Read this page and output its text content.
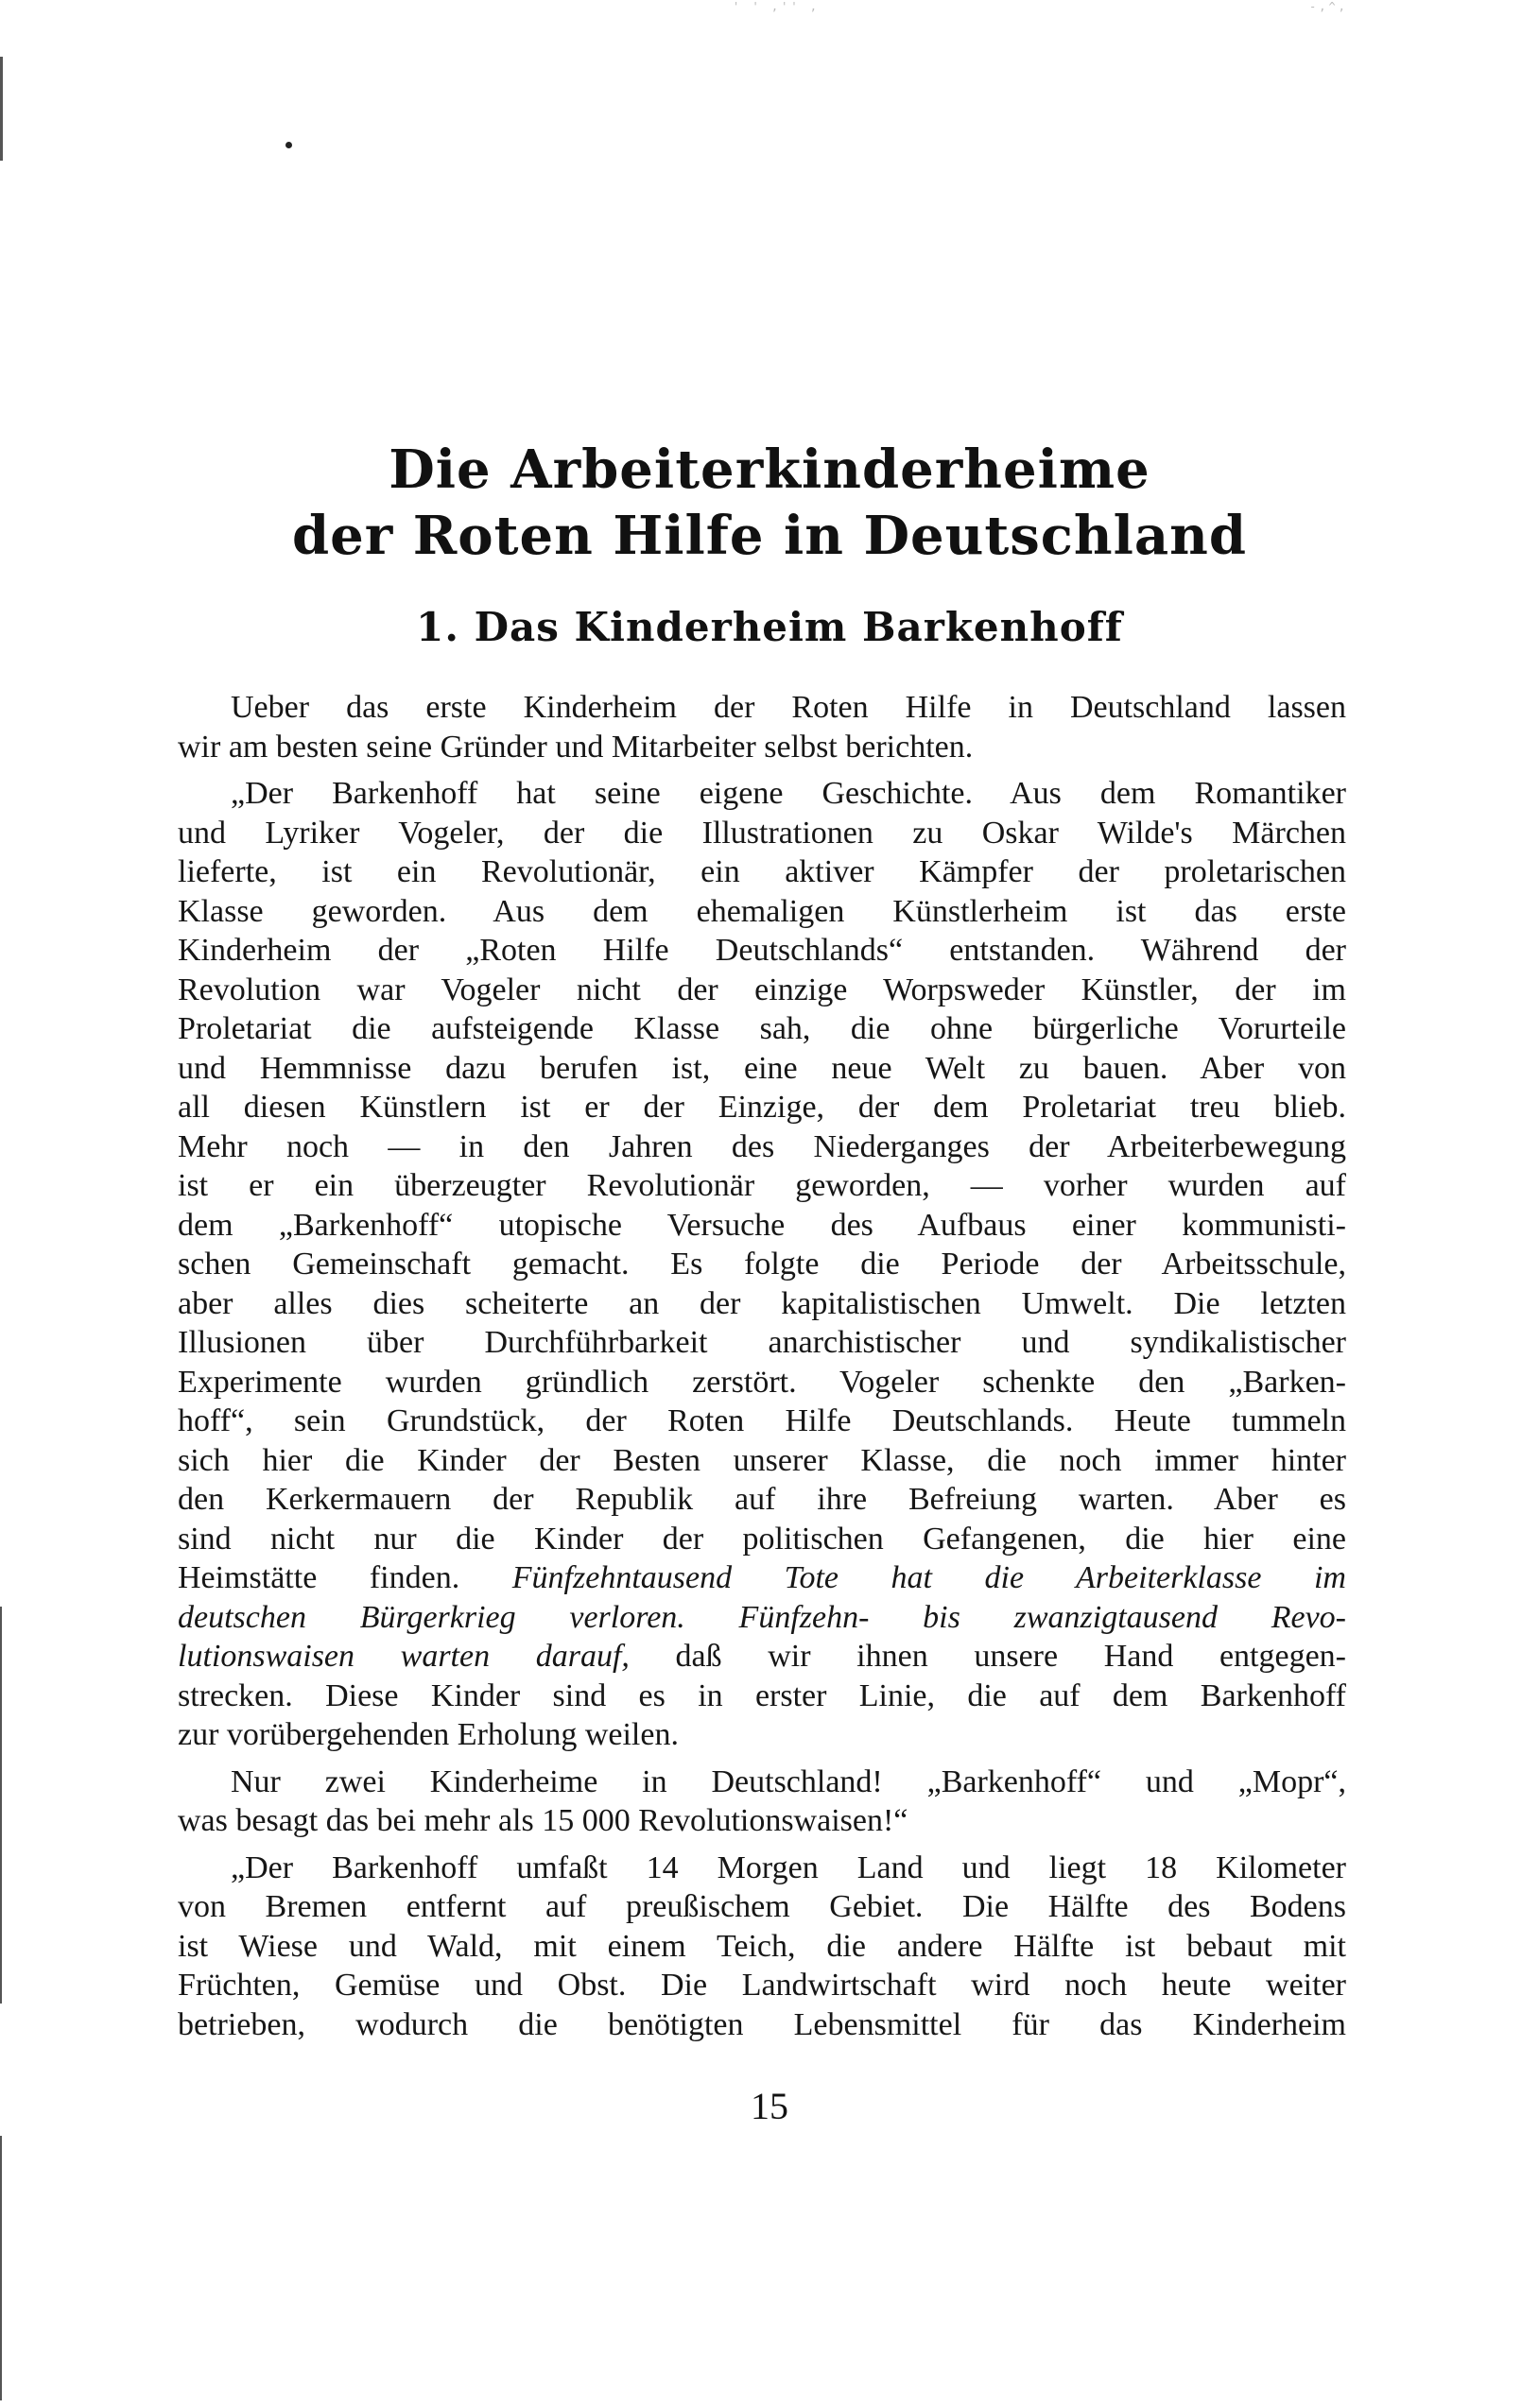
' ' ,'' ,	-,^,
Die Arbeiterkinderheime
der Roten Hilfe in Deutschland
1. Das Kinderheim Barkenhoff
Ueber das erste Kinderheim der Roten Hilfe in Deutschland lassen
wir am besten seine Gründer und Mitarbeiter selbst berichten.
„Der Barkenhoff hat seine eigene Geschichte. Aus dem Romantiker
und Lyriker Vogeler, der die Illustrationen zu Oskar Wilde's Märchen
lieferte, ist ein Revolutionär, ein aktiver Kämpfer der proletarischen
Klasse geworden. Aus dem ehemaligen Künstlerheim ist das erste
Kinderheim der „Roten Hilfe Deutschlands“ entstanden. Während der
Revolution war Vogeler nicht der einzige Worpsweder Künstler, der im
Proletariat die aufsteigende Klasse sah, die ohne bürgerliche Vorurteile
und Hemmnisse dazu berufen ist, eine neue Welt zu bauen. Aber von
all diesen Künstlern ist er der Einzige, der dem Proletariat treu blieb.
Mehr noch — in den Jahren des Niederganges der Arbeiterbewegung
ist er ein überzeugter Revolutionär geworden, — vorher wurden auf
dem „Barkenhoff“ utopische Versuche des Aufbaus einer kommunisti-
schen Gemeinschaft gemacht. Es folgte die Periode der Arbeitsschule,
aber alles dies scheiterte an der kapitalistischen Umwelt. Die letzten
Illusionen über Durchführbarkeit anarchistischer und syndikalistischer
Experimente wurden gründlich zerstört. Vogeler schenkte den „Barken-
hoff“, sein Grundstück, der Roten Hilfe Deutschlands. Heute tummeln
sich hier die Kinder der Besten unserer Klasse, die noch immer hinter
den Kerkermauern der Republik auf ihre Befreiung warten. Aber es
sind nicht nur die Kinder der politischen Gefangenen, die hier eine
Heimstätte finden. Fünfzehntausend Tote hat die Arbeiterklasse im
deutschen Bürgerkrieg verloren. Fünfzehn- bis zwanzigtausend Revo-
lutionswaisen warten darauf, daß wir ihnen unsere Hand entgegen-
strecken. Diese Kinder sind es in erster Linie, die auf dem Barkenhoff
zur vorübergehenden Erholung weilen.
Nur zwei Kinderheime in Deutschland! „Barkenhoff“ und „Mopr“,
was besagt das bei mehr als 15 000 Revolutionswaisen!“
„Der Barkenhoff umfaßt 14 Morgen Land und liegt 18 Kilometer
von Bremen entfernt auf preußischem Gebiet. Die Hälfte des Bodens
ist Wiese und Wald, mit einem Teich, die andere Hälfte ist bebaut mit
Früchten, Gemüse und Obst. Die Landwirtschaft wird noch heute weiter
betrieben, wodurch die benötigten Lebensmittel für das Kinderheim
15
